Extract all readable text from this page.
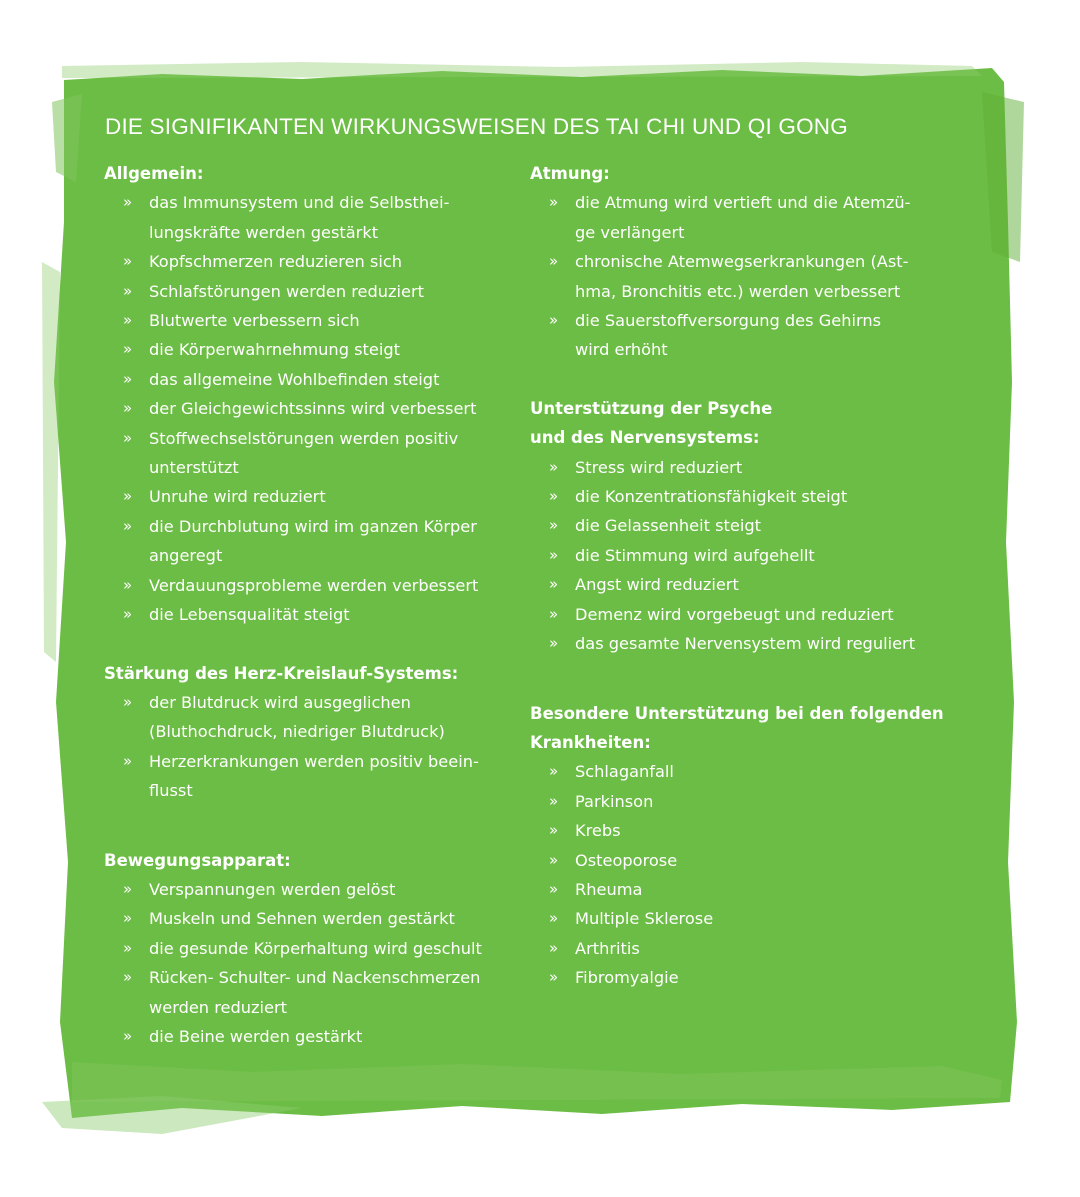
DIE SIGNIFIKANTEN WIRKUNGSWEISEN DES TAI CHI UND QI GONG
Allgemein:
» das Immunsystem und die Selbsthei-
lungskräfte werden gestärkt
» Kopfschmerzen reduzieren sich
» Schlafstörungen werden reduziert
» Blutwerte verbessern sich
» die Körperwahrnehmung steigt
» das allgemeine Wohlbefinden steigt
» der Gleichgewichtssinns wird verbessert
» Stoffwechselstörungen werden positiv
unterstützt
» Unruhe wird reduziert
» die Durchblutung wird im ganzen Körper
angeregt
» Verdauungsprobleme werden verbessert
» die Lebensqualität steigt
Stärkung des Herz-Kreislauf-Systems:
» der Blutdruck wird ausgeglichen
(Bluthochdruck, niedriger Blutdruck)
» Herzerkrankungen werden positiv beein-
flusst
Bewegungsapparat:
» Verspannungen werden gelöst
» Muskeln und Sehnen werden gestärkt
» die gesunde Körperhaltung wird geschult
» Rücken- Schulter- und Nackenschmerzen
werden reduziert
» die Beine werden gestärkt
Atmung:
» die Atmung wird vertieft und die Atemzü-
ge verlängert
» chronische Atemwegserkrankungen (Ast-
hma, Bronchitis etc.) werden verbessert
» die Sauerstoffversorgung des Gehirns
wird erhöht
Unterstützung der Psyche
und des Nervensystems:
» Stress wird reduziert
» die Konzentrationsfähigkeit steigt
» die Gelassenheit steigt
» die Stimmung wird aufgehellt
» Angst wird reduziert
» Demenz wird vorgebeugt und reduziert
» das gesamte Nervensystem wird reguliert
Besondere Unterstützung bei den folgenden
Krankheiten:
» Schlaganfall
» Parkinson
» Krebs
» Osteoporose
» Rheuma
» Multiple Sklerose
» Arthritis
» Fibromyalgie
